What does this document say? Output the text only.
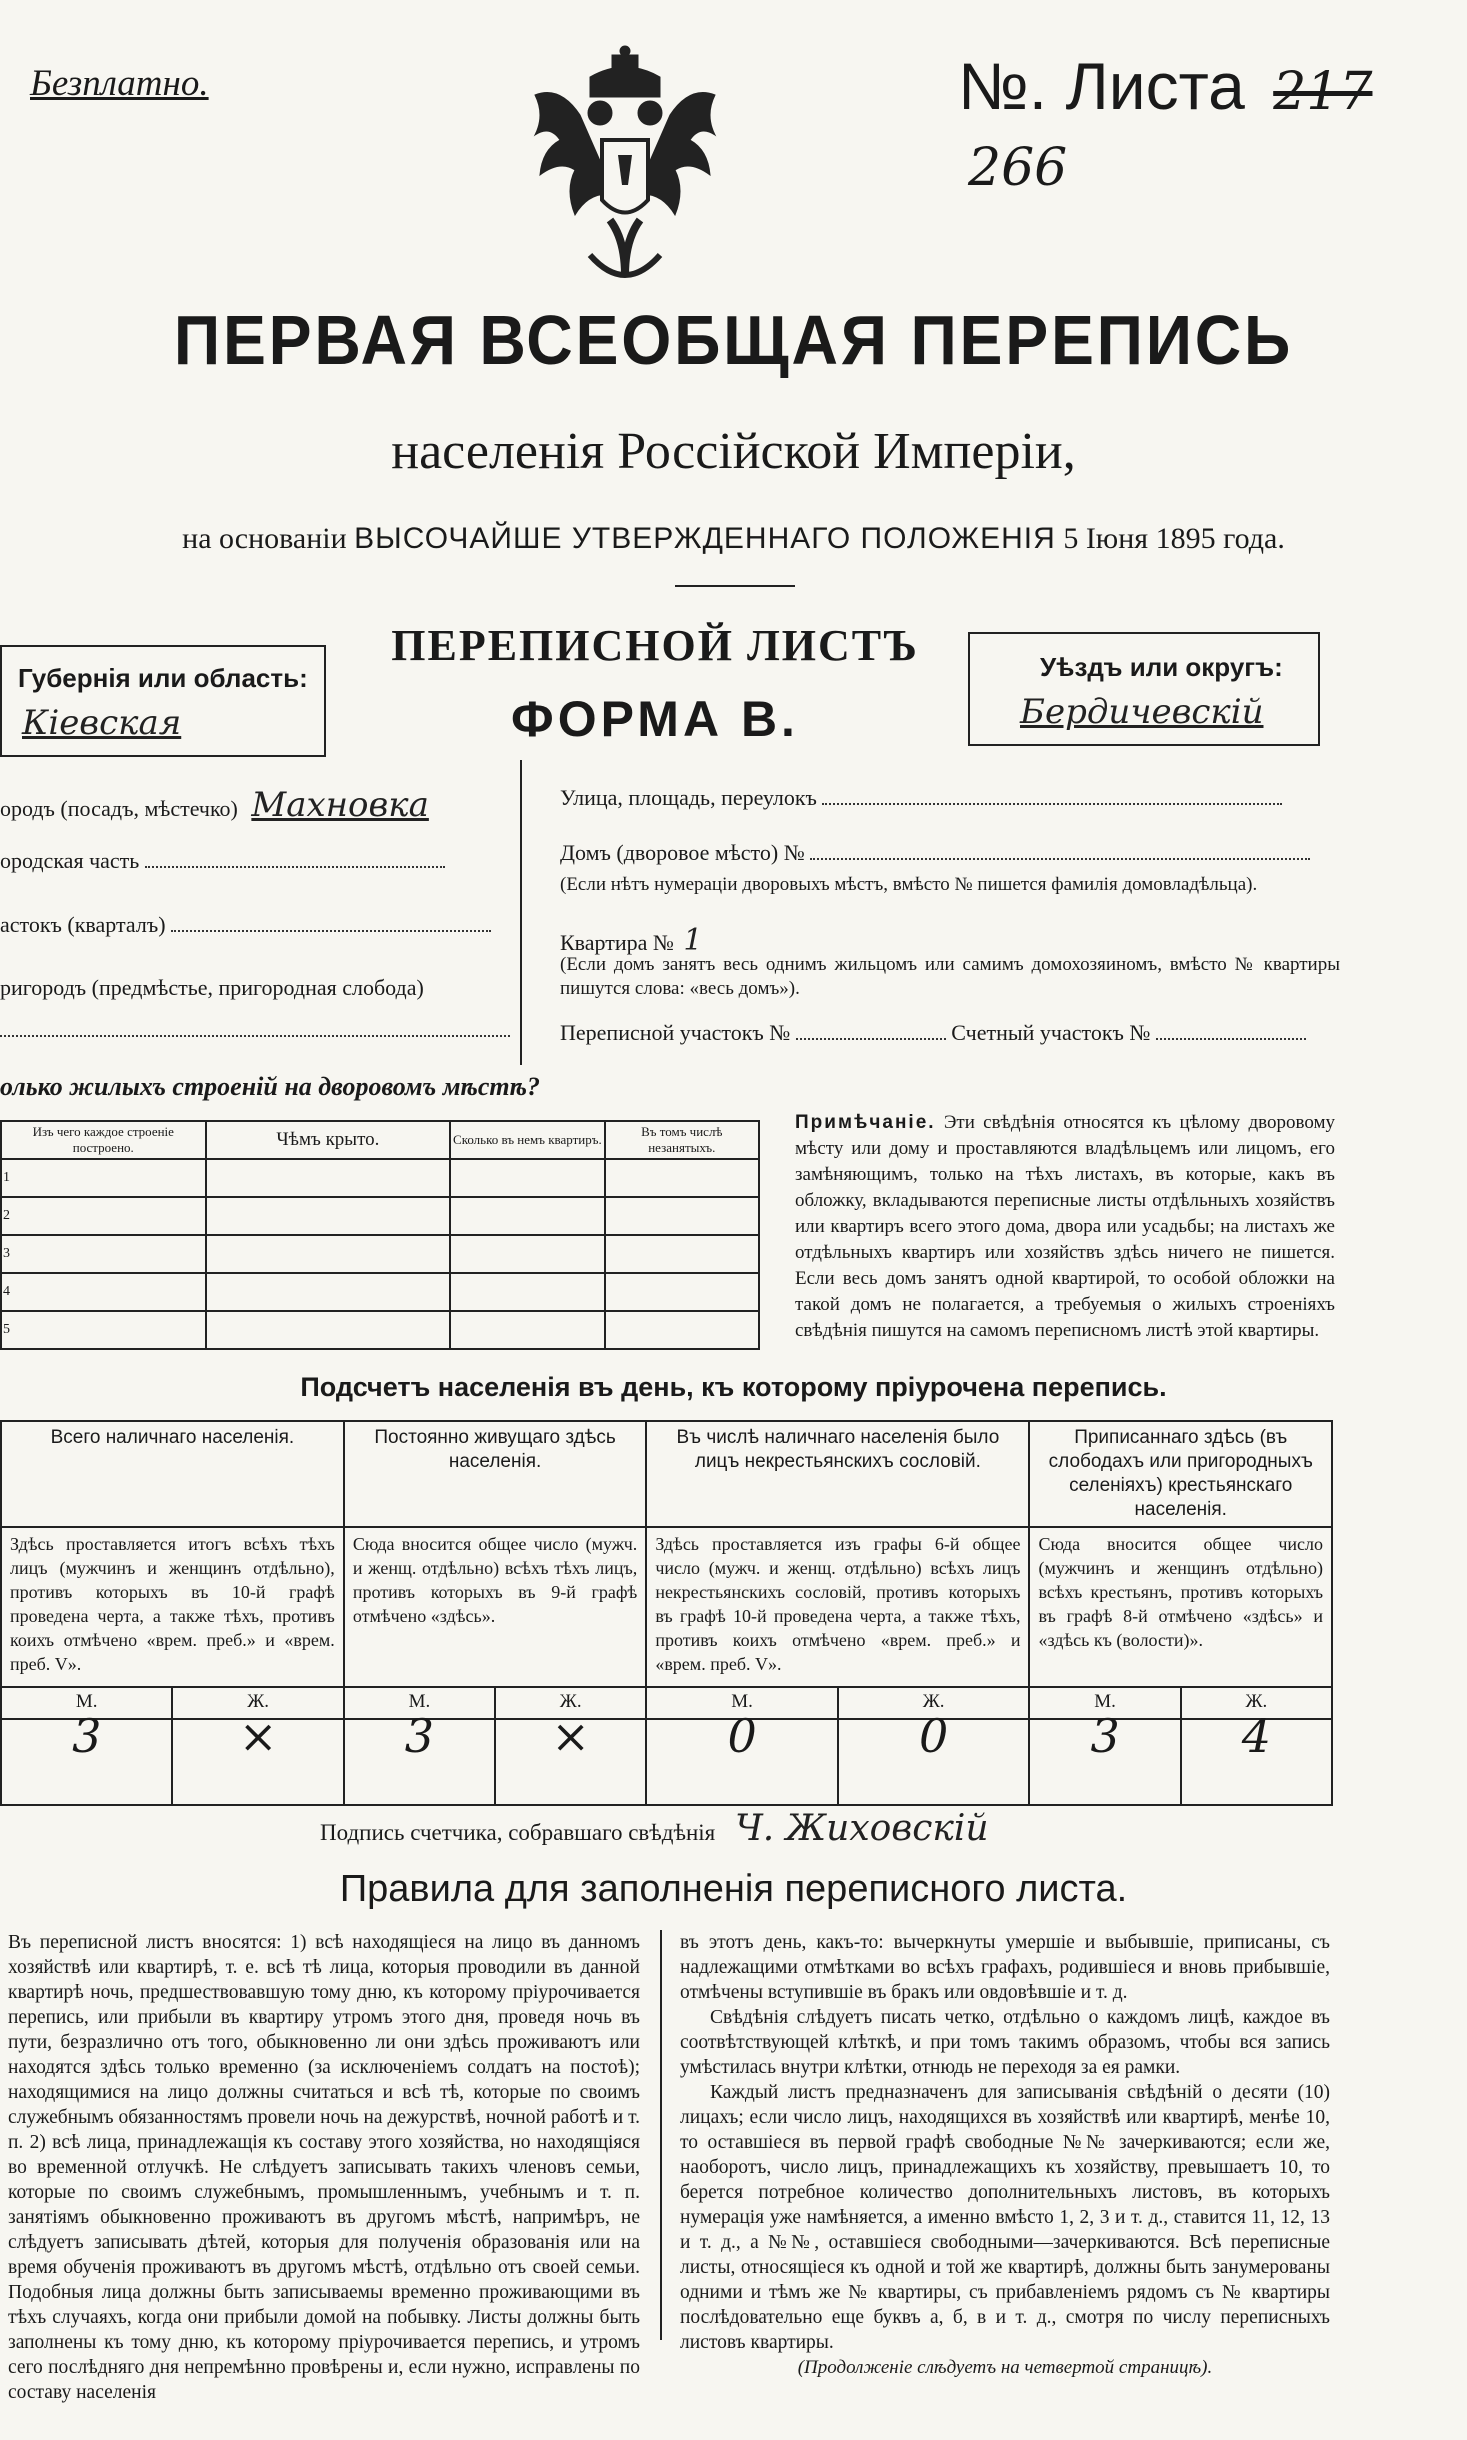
Безплатно.	№. Листа 217 266
ПЕРВАЯ ВСЕОБЩАЯ ПЕРЕПИСЬ
населенія Россійской Имперіи,
на основаніи ВЫСОЧАЙШЕ УТВЕРЖДЕННАГО ПОЛОЖЕНІЯ 5 Іюня 1895 года.
Губернія или область:
Кіевская
ПЕРЕПИСНОЙ ЛИСТЪ
ФОРМА В.
Уѣздъ или округъ:
Бердичевскій
ородъ (посадъ, мѣстечко) Махновка
ородская часть
астокъ (кварталъ)
ригородъ (предмѣстье, пригородная слобода)
Улица, площадь, переулокъ
Домъ (дворовое мѣсто) №
(Если нѣтъ нумераціи дворовыхъ мѣстъ, вмѣсто № пишется фамилія домовладѣльца).
Квартира № 1
(Если домъ занятъ весь однимъ жильцомъ или самимъ домохозяиномъ, вмѣсто № квартиры пишутся слова: «весь домъ»).
Переписной участокъ №	Счетный участокъ №
олько жилыхъ строеній на дворовомъ мѣстѣ?
Изъ чего каждое строеніе построено.	Чѣмъ крыто.	Сколько въ немъ квартиръ.	Въ томъ числѣ незанятыхъ.
1			
2			
3			
4			
5			
Примѣчаніе. Эти свѣдѣнія относятся къ цѣлому дворовому мѣсту или дому и проставляются владѣльцемъ или лицомъ, его замѣняющимъ, только на тѣхъ листахъ, въ которые, какъ въ обложку, вкладываются переписные листы отдѣльныхъ хозяйствъ или квартиръ всего этого дома, двора или усадьбы; на листахъ же отдѣльныхъ квартиръ или хозяйствъ здѣсь ничего не пишется. Если весь домъ занятъ одной квартирой, то особой обложки на такой домъ не полагается, а требуемыя о жилыхъ строеніяхъ свѣдѣнія пишутся на самомъ переписномъ листѣ этой квартиры.
Подсчетъ населенія въ день, къ которому пріурочена перепись.
Всего наличнаго населенія.		Постоянно живущаго здѣсь населенія.		Въ числѣ наличнаго населенія было лицъ некрестьянскихъ сословій.		Приписаннаго здѣсь (въ слободахъ или пригородныхъ селеніяхъ) крестьянскаго населенія.	
Здѣсь проставляется итогъ всѣхъ тѣхъ лицъ (мужчинъ и женщинъ отдѣльно), противъ которыхъ въ 10-й графѣ проведена черта, а также тѣхъ, противъ коихъ отмѣчено «врем. преб.» и «врем. преб. V».		Сюда вносится общее число (мужч. и женщ. отдѣльно) всѣхъ тѣхъ лицъ, противъ которыхъ въ 9-й графѣ отмѣчено «здѣсь».		Здѣсь проставляется изъ графы 6-й общее число (мужч. и женщ. отдѣльно) всѣхъ лицъ некрестьянскихъ сословій, противъ которыхъ въ графѣ 10-й проведена черта, а также тѣхъ, противъ коихъ отмѣчено «врем. преб.» и «врем. преб. V».		Сюда вносится общее число (мужчинъ и женщинъ отдѣльно) всѣхъ крестьянъ, противъ которыхъ въ графѣ 8-й отмѣчено «здѣсь» и «здѣсь къ (волости)».	
М.	Ж.	М.	Ж.	М.	Ж.	М.	Ж.
3	×	3	×	0	0	3	4
Подпись счетчика, собравшаго свѣдѣнія Ч. Жиховскій
Правила для заполненія переписного листа.
Въ переписной листъ вносятся: 1) всѣ находящіеся на лицо въ данномъ хозяйствѣ или квартирѣ, т. е. всѣ тѣ лица, которыя проводили въ данной квартирѣ ночь, предшествовавшую тому дню, къ которому пріурочивается перепись, или прибыли въ квартиру утромъ этого дня, проведя ночь въ пути, безразлично отъ того, обыкновенно ли они здѣсь проживаютъ или находятся здѣсь только временно (за исключеніемъ солдатъ на постоѣ); находящимися на лицо должны считаться и всѣ тѣ, которые по своимъ служебнымъ обязанностямъ провели ночь на дежурствѣ, ночной работѣ и т. п. 2) всѣ лица, принадлежащія къ составу этого хозяйства, но находящіяся во временной отлучкѣ. Не слѣдуетъ записывать такихъ членовъ семьи, которые по своимъ служебнымъ, промышленнымъ, учебнымъ и т. п. занятіямъ обыкновенно проживаютъ въ другомъ мѣстѣ, напримѣръ, не слѣдуетъ записывать дѣтей, которыя для полученія образованія или на время обученія проживаютъ въ другомъ мѣстѣ, отдѣльно отъ своей семьи. Подобныя лица должны быть записываемы временно проживающими въ тѣхъ случаяхъ, когда они прибыли домой на побывку. Листы должны быть заполнены къ тому дню, къ которому пріурочивается перепись, и утромъ сего послѣдняго дня непремѣнно провѣрены и, если нужно, исправлены по составу населенія
въ этотъ день, какъ-то: вычеркнуты умершіе и выбывшіе, приписаны, съ надлежащими отмѣтками во всѣхъ графахъ, родившіеся и вновь прибывшіе, отмѣчены вступившіе въ бракъ или овдовѣвшіе и т. д.
Свѣдѣнія слѣдуетъ писать четко, отдѣльно о каждомъ лицѣ, каждое въ соотвѣтствующей клѣткѣ, и при томъ такимъ образомъ, чтобы вся запись умѣстилась внутри клѣтки, отнюдь не переходя за ея рамки.
Каждый листъ предназначенъ для записыванія свѣдѣній о десяти (10) лицахъ; если число лицъ, находящихся въ хозяйствѣ или квартирѣ, менѣе 10, то оставшіеся въ первой графѣ свободные №№ зачеркиваются; если же, наоборотъ, число лицъ, принадлежащихъ къ хозяйству, превышаетъ 10, то берется потребное количество дополнительныхъ листовъ, въ которыхъ нумерація уже намѣняется, а именно вмѣсто 1, 2, 3 и т. д., ставится 11, 12, 13 и т. д., а №№, оставшіеся свободными—зачеркиваются. Всѣ переписные листы, относящіеся къ одной и той же квартирѣ, должны быть занумерованы одними и тѣмъ же № квартиры, съ прибавленіемъ рядомъ съ № квартиры послѣдовательно еще буквъ а, б, в и т. д., смотря по числу переписныхъ листовъ квартиры.
(Продолженіе слѣдуетъ на четвертой страницѣ).
